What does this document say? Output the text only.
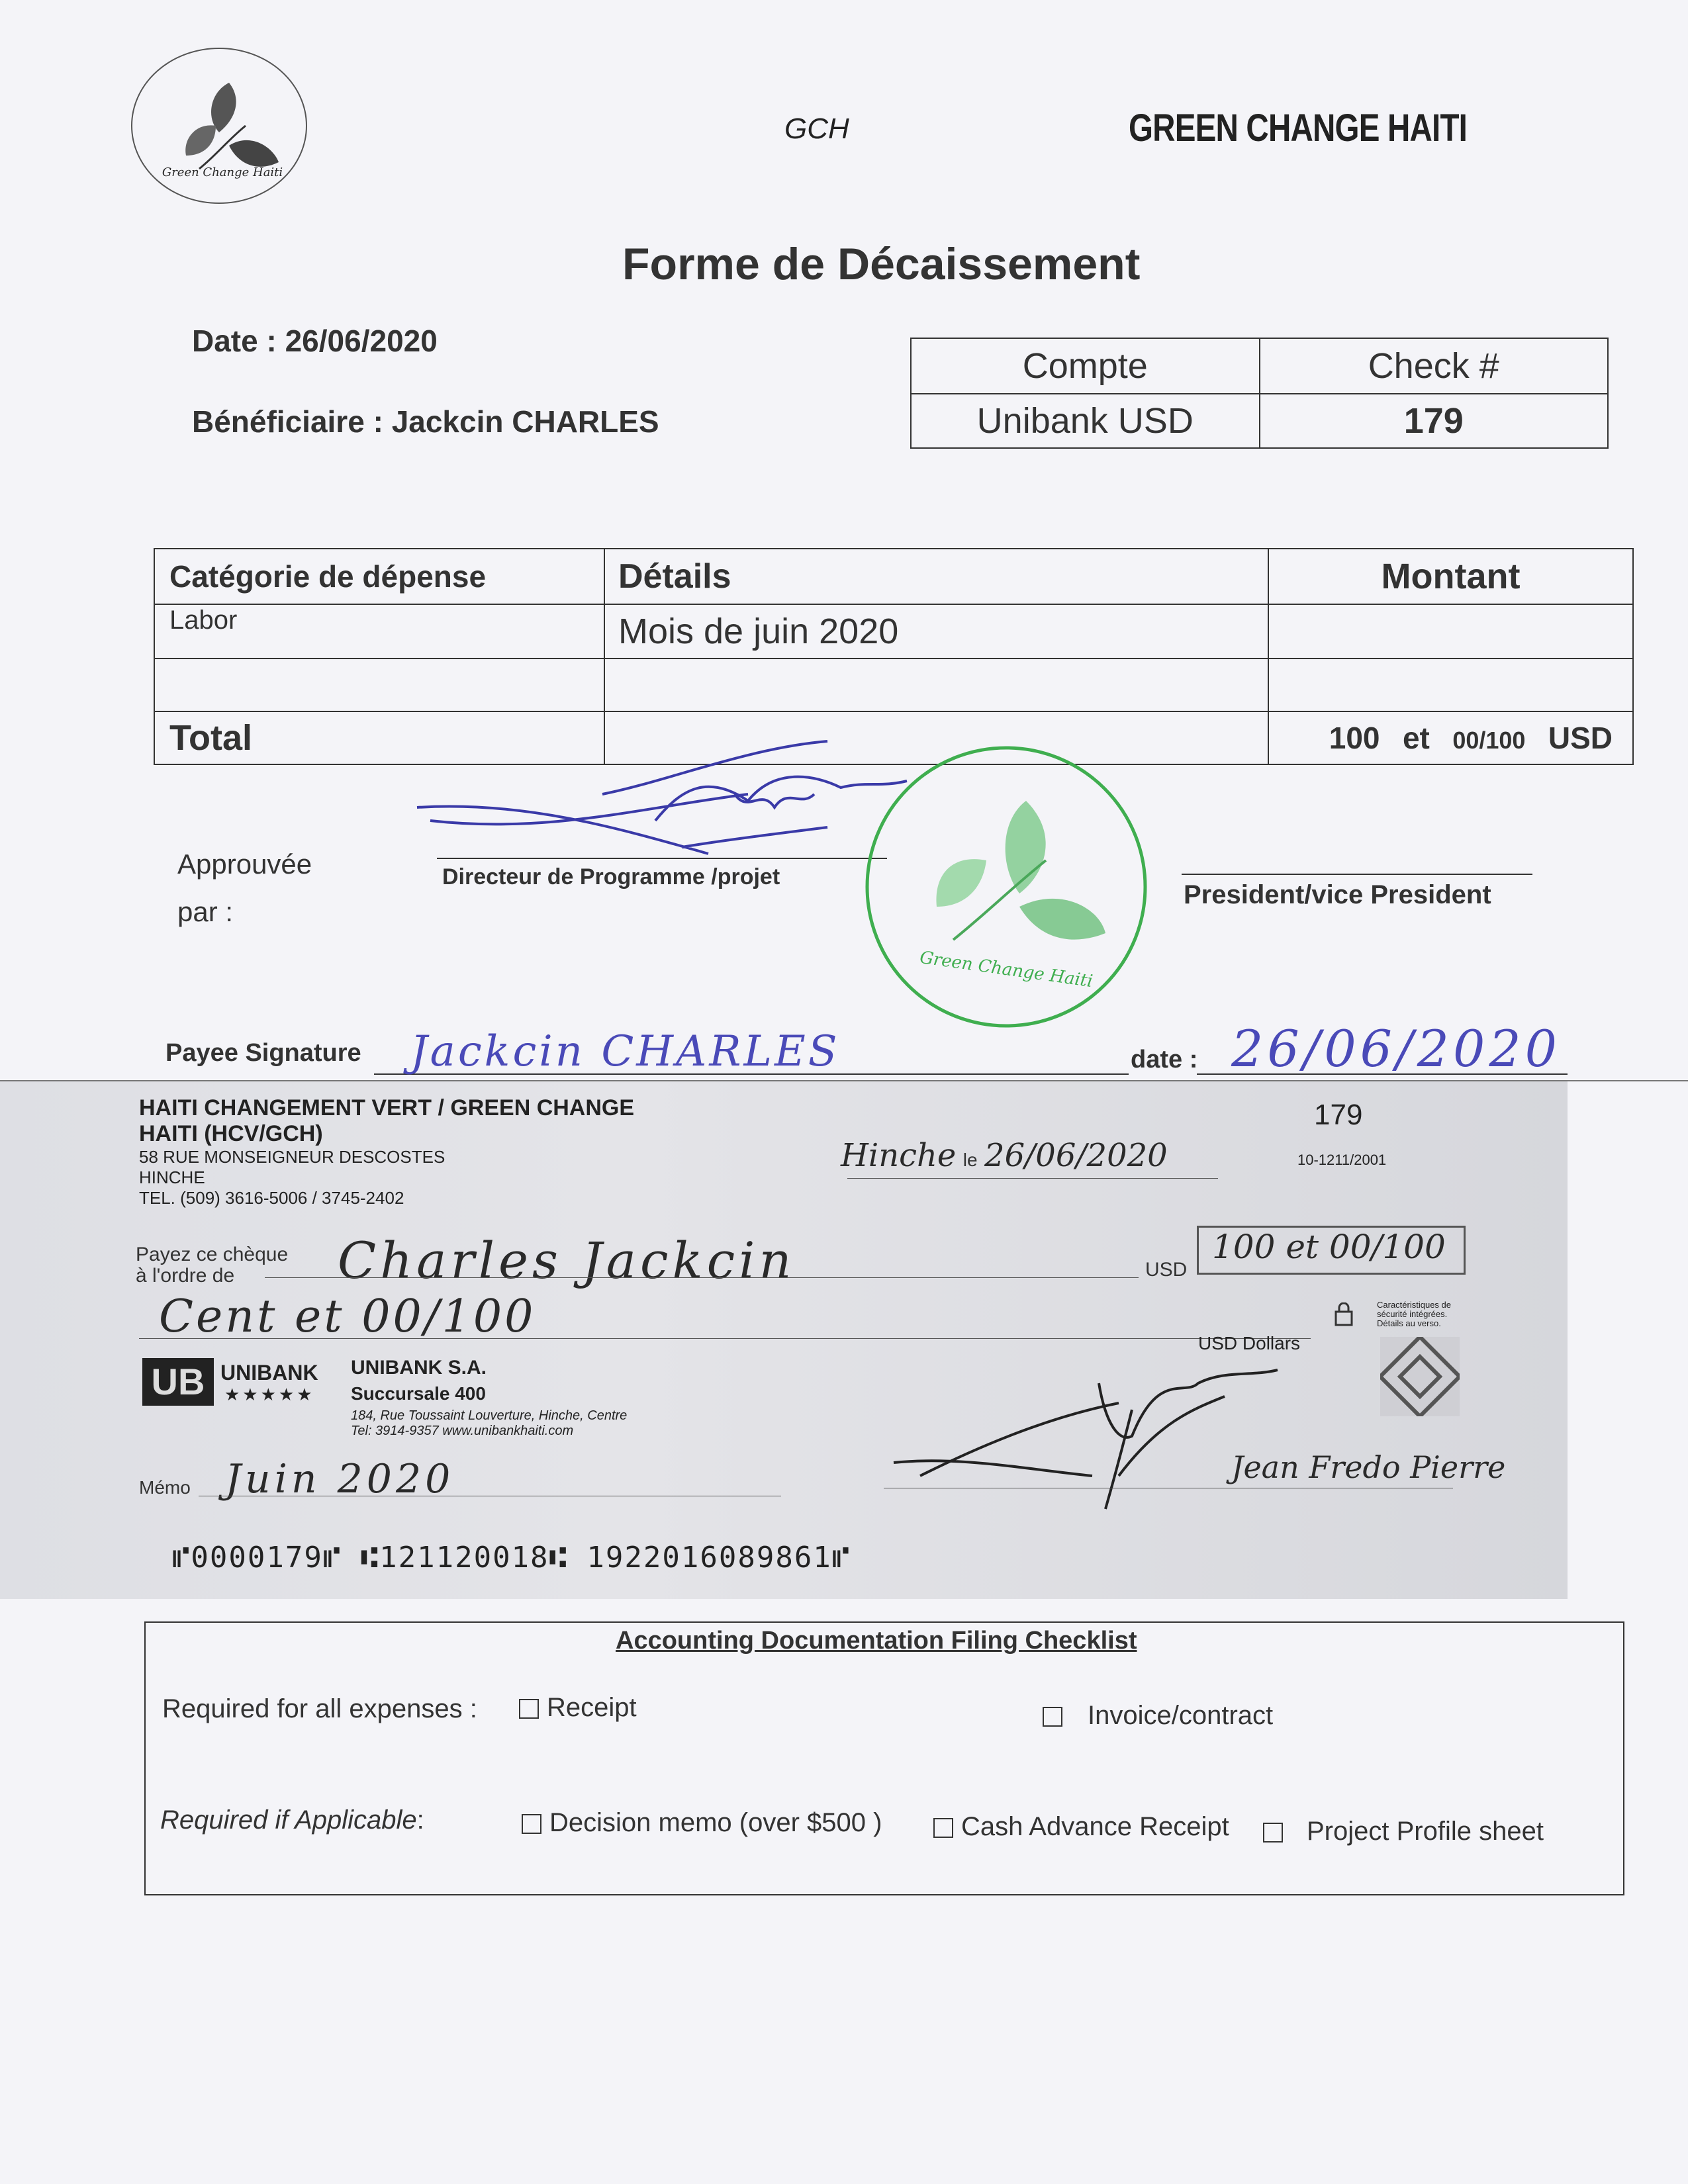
Green Change Haiti
GCH	GREEN CHANGE HAITI
Forme de Décaissement
Date : 26/06/2020
Bénéficiaire : Jackcin CHARLES
Compte	Check #
Unibank USD	179
Catégorie de dépense	Détails	Montant
Labor	Mois de juin 2020	

Total		100 et 00/100 USD
Approuvée par :
Directeur de Programme /projet
Green Change Haiti
President/vice President
Payee Signature Jackcin CHARLES	date : 26/06/2020
HAITI CHANGEMENT VERT / GREEN CHANGE
HAITI (HCV/GCH)
58 RUE MONSEIGNEUR DESCOSTES
HINCHE
TEL. (509) 3616-5006 / 3745-2402
179
10-1211/2001
Hinche le 26/06/2020
Payez ce chèque
à l'ordre de	Charles Jackcin	USD
100 et 00/100
Cent et 00/100	Caractéristiques de sécurité intégrées. Détails au verso.
USD Dollars
UB UNIBANK
★★★★★
UNIBANK S.A.
Succursale 400
184, Rue Toussaint Louverture, Hinche, Centre
Tel: 3914-9357 www.unibankhaiti.com
Jean Fredo Pierre
Mémo Juin 2020
⑈0000179⑈ ⑆121120018⑆ 1922016089861⑈
Accounting Documentation Filing Checklist
Required for all expenses :	Receipt	Invoice/contract
Required if Applicable:	Decision memo (over $500 )	Cash Advance Receipt	Project Profile sheet
